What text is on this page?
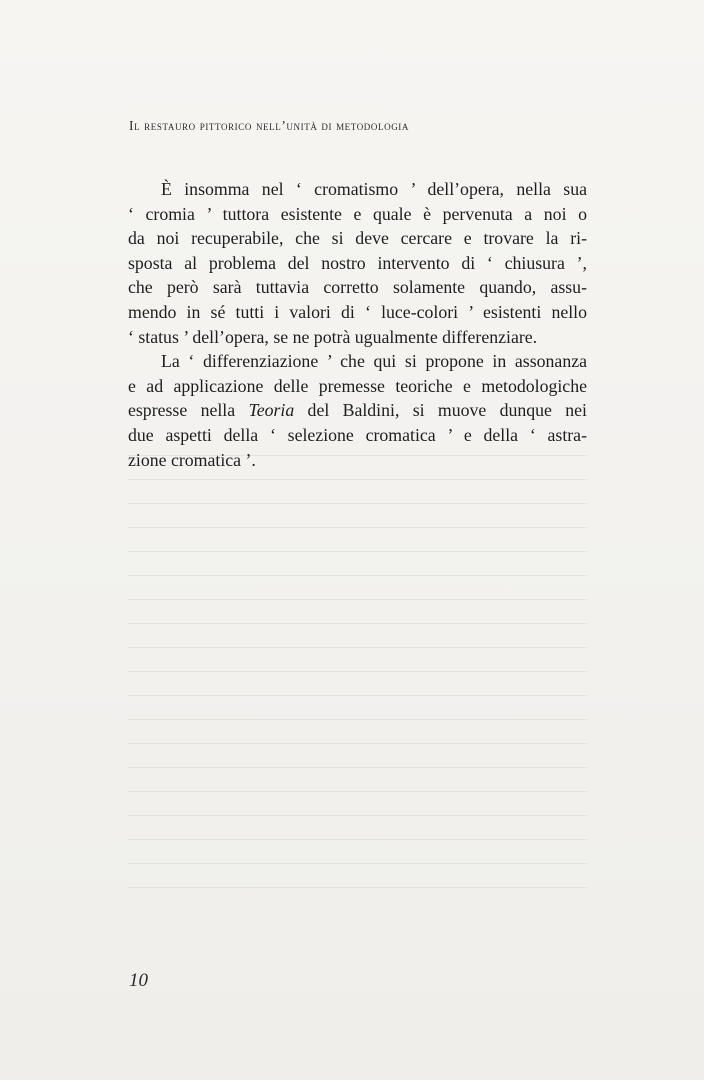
Il restauro pittorico nell’unità di metodologia
È insomma nel ‘ cromatismo ’ dell’opera, nella sua
‘ cromia ’ tuttora esistente e quale è pervenuta a noi o
da noi recuperabile, che si deve cercare e trovare la ri-
sposta al problema del nostro intervento di ‘ chiusura ’,
che però sarà tuttavia corretto solamente quando, assu-
mendo in sé tutti i valori di ‘ luce-colori ’ esistenti nello
‘ status ’ dell’opera, se ne potrà ugualmente differenziare.
La ‘ differenziazione ’ che qui si propone in assonanza
e ad applicazione delle premesse teoriche e metodologiche
espresse nella Teoria del Baldini, si muove dunque nei
due aspetti della ‘ selezione cromatica ’ e della ‘ astra-
zione cromatica ’.
10
